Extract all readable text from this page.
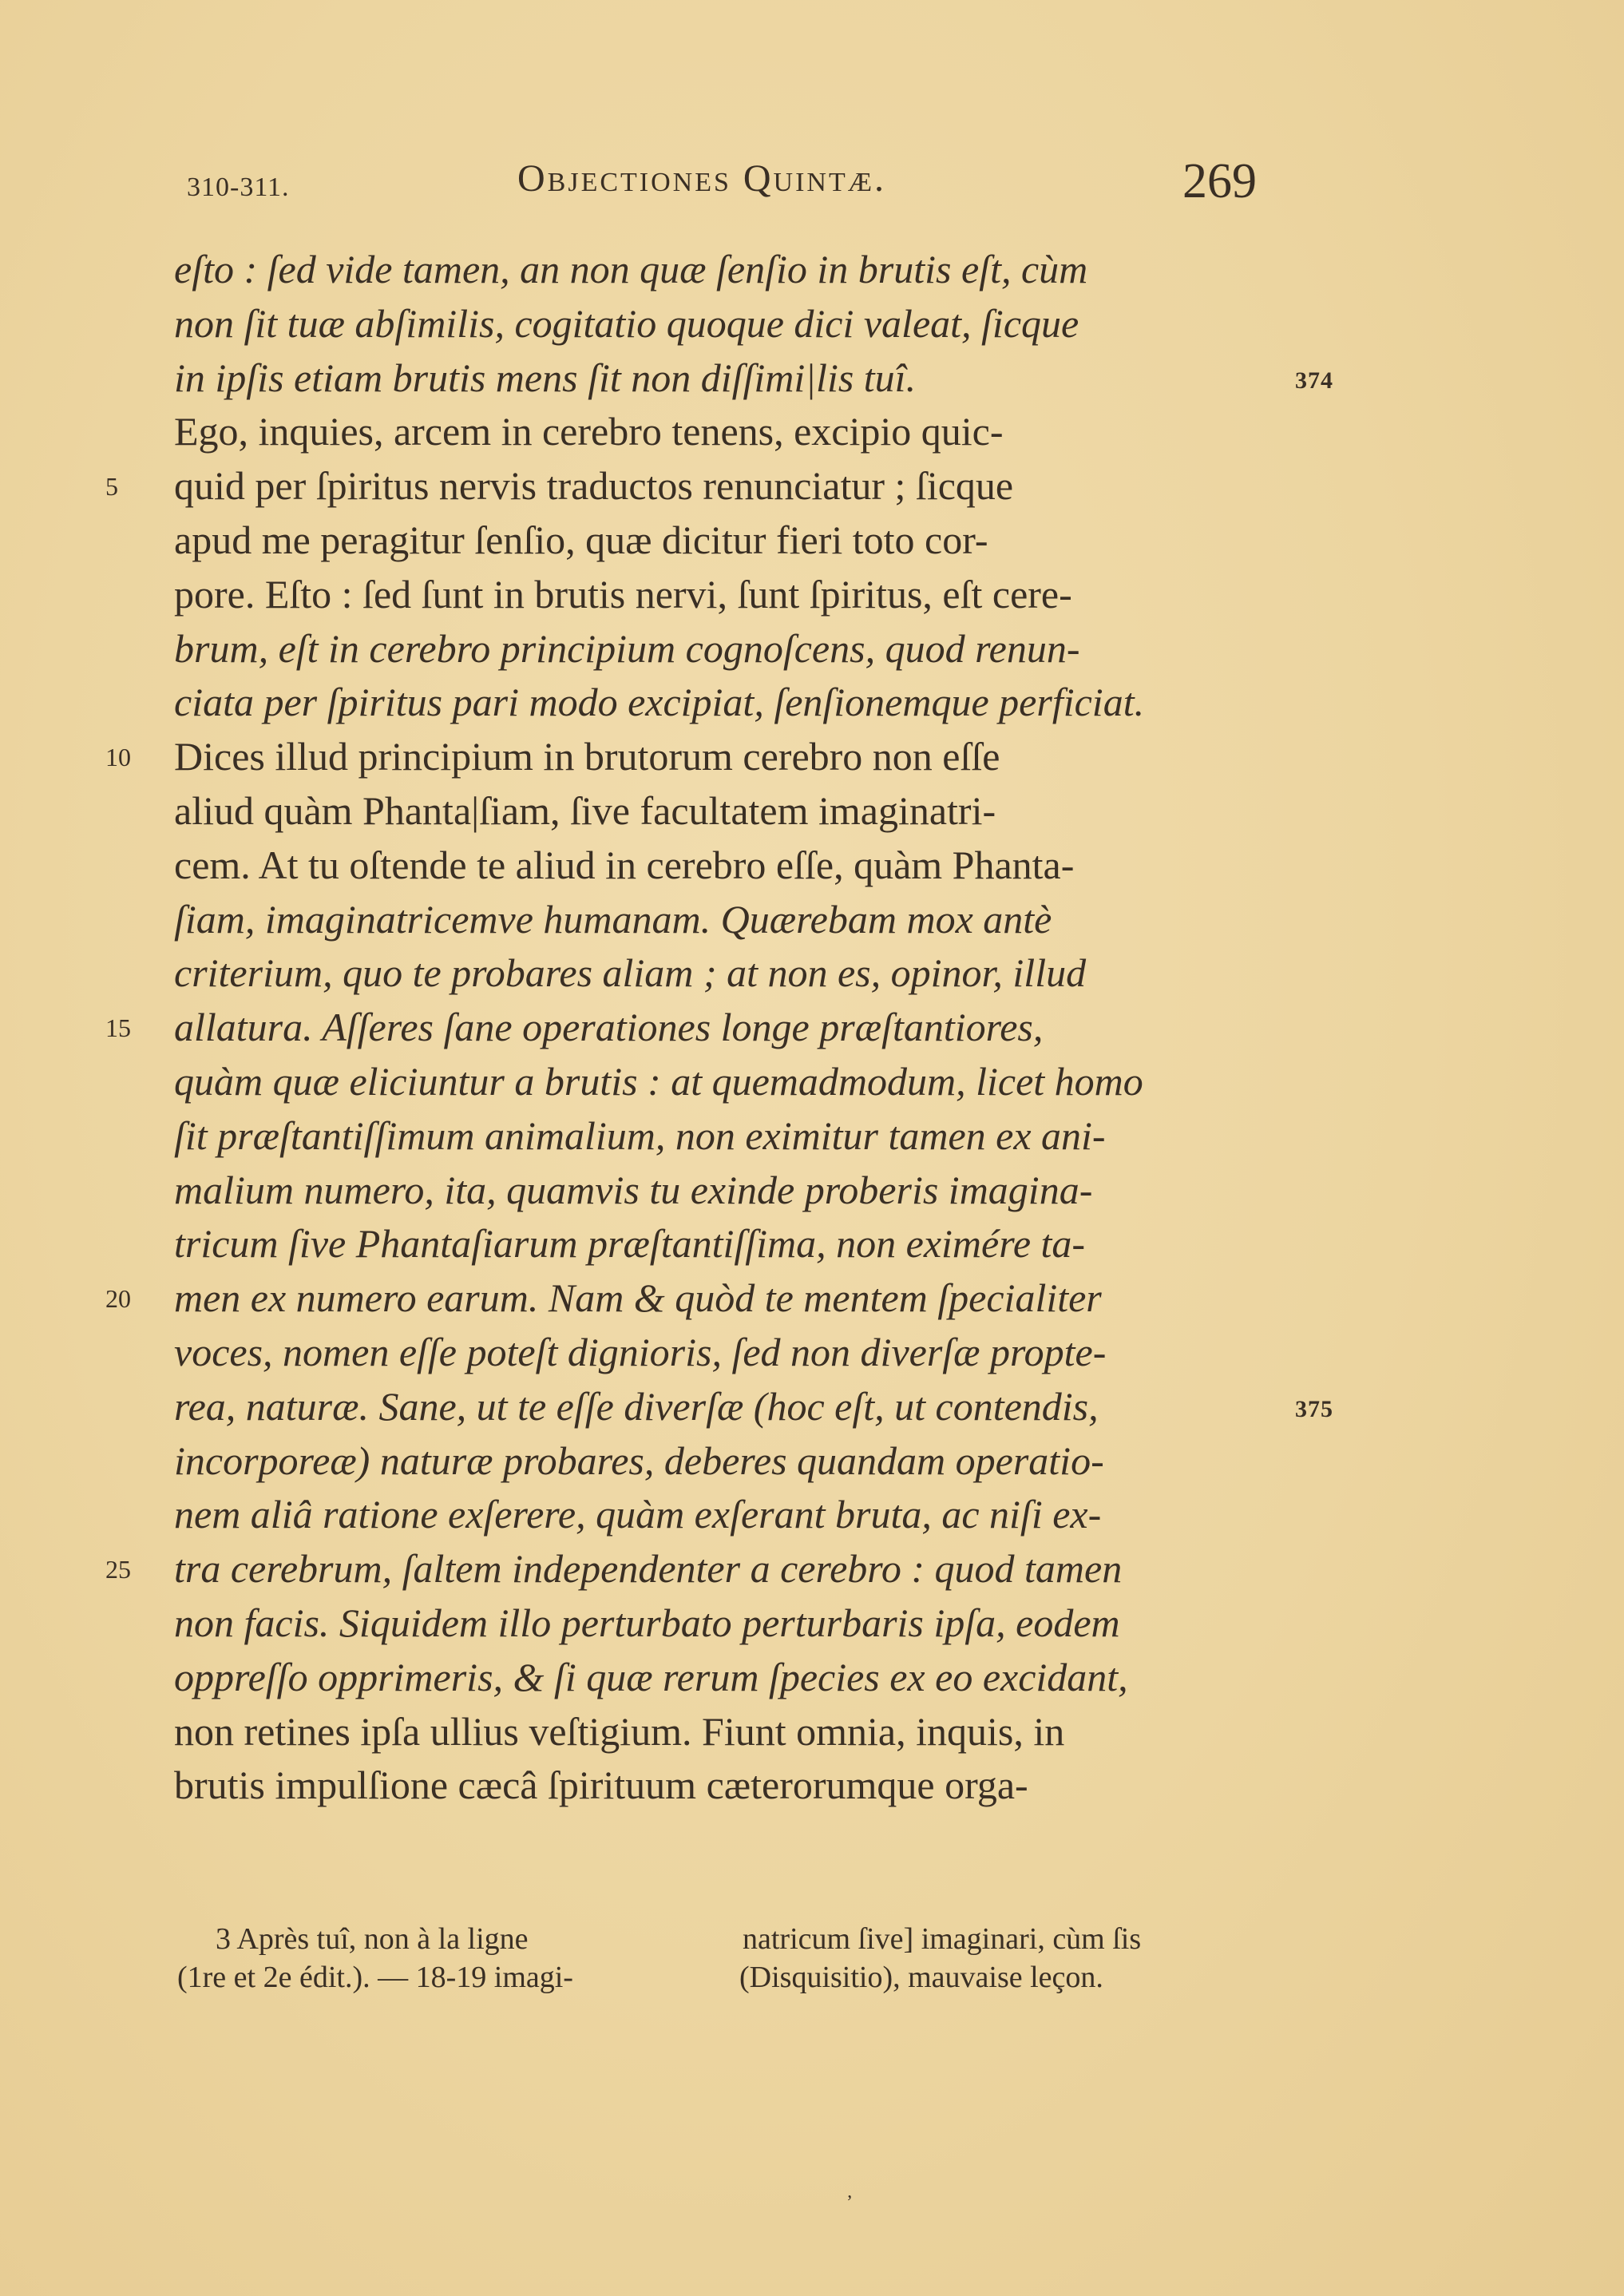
310-311.	Objectiones Quintæ.	269
eſto : ſed vide tamen, an non quæ ſenſio in brutis eſt, cùm
non ſit tuæ abſimilis, cogitatio quoque dici valeat, ſicque
in ipſis etiam brutis mens ſit non diſſimi|lis tuî.
Ego, inquies, arcem in cerebro tenens, excipio quic-
quid per ſpiritus nervis traductos renunciatur ; ſicque
apud me peragitur ſenſio, quæ dicitur fieri toto cor-
pore. Eſto : ſed ſunt in brutis nervi, ſunt ſpiritus, eſt cere-
brum, eſt in cerebro principium cognoſcens, quod renun-
ciata per ſpiritus pari modo excipiat, ſenſionemque perficiat.
Dices illud principium in brutorum cerebro non eſſe
aliud quàm Phanta|ſiam, ſive facultatem imaginatri-
cem. At tu oſtende te aliud in cerebro eſſe, quàm Phanta-
ſiam, imaginatricemve humanam. Quærebam mox antè
criterium, quo te probares aliam ; at non es, opinor, illud
allatura. Aſſeres ſane operationes longe præſtantiores,
quàm quæ eliciuntur a brutis : at quemadmodum, licet homo
ſit præſtantiſſimum animalium, non eximitur tamen ex ani-
malium numero, ita, quamvis tu exinde proberis imagina-
tricum ſive Phantaſiarum præſtantiſſima, non eximére ta-
men ex numero earum. Nam & quòd te mentem ſpecialiter
voces, nomen eſſe poteſt dignioris, ſed non diverſæ propte-
rea, naturæ. Sane, ut te eſſe diverſæ (hoc eſt, ut contendis,
incorporeæ) naturæ probares, deberes quandam operatio-
nem aliâ ratione exſerere, quàm exſerant bruta, ac niſi ex-
tra cerebrum, ſaltem independenter a cerebro : quod tamen
non facis. Siquidem illo perturbato perturbaris ipſa, eodem
oppreſſo opprimeris, & ſi quæ rerum ſpecies ex eo excidant,
non retines ipſa ullius veſtigium. Fiunt omnia, inquis, in
brutis impulſione cæcâ ſpirituum cæterorumque orga-
5
10
15
20
25
374
375
3 Après tuî, non à la ligne
(1re et 2e édit.). — 18-19 imagi-
natricum ſive] imaginari, cùm ſis
(Disquisitio), mauvaise leçon.
ʼ
